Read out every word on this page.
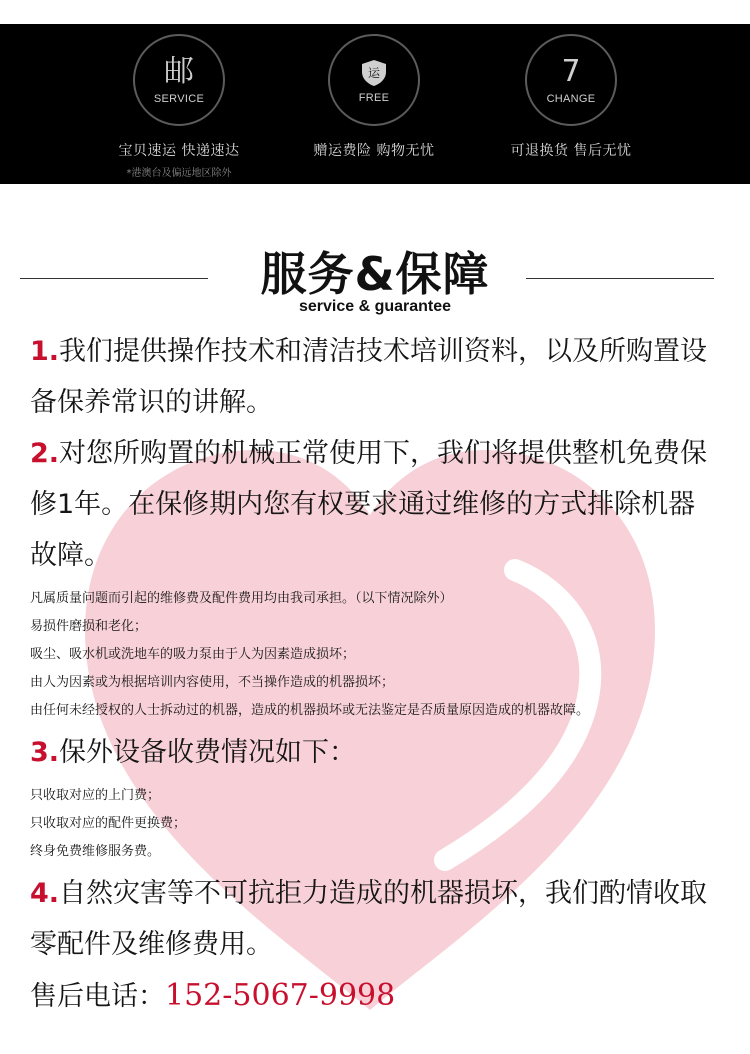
邮
SERVICE
宝贝速运 快递速达
*港澳台及偏远地区除外
运
FREE
赠运费险 购物无忧
7
CHANGE
可退换货 售后无忧
服务&保障
service & guarantee

1.我们提供操作技术和清洁技术培训资料，以及所购置设备保养常识的讲解。

2.对您所购置的机械正常使用下，我们将提供整机免费保修1年。在保修期内您有权要求通过维修的方式排除机器故障。

凡属质量问题而引起的维修费及配件费用均由我司承担。（以下情况除外）
易损件磨损和老化；
吸尘、吸水机或洗地车的吸力泵由于人为因素造成损坏；
由人为因素或为根据培训内容使用，不当操作造成的机器损坏；
由任何未经授权的人士拆动过的机器，造成的机器损坏或无法鉴定是否质量原因造成的机器故障。

3.保外设备收费情况如下：

只收取对应的上门费；
只收取对应的配件更换费；
终身免费维修服务费。

4.自然灾害等不可抗拒力造成的机器损坏，我们酌情收取零配件及维修费用。

售后电话：152-5067-9998
